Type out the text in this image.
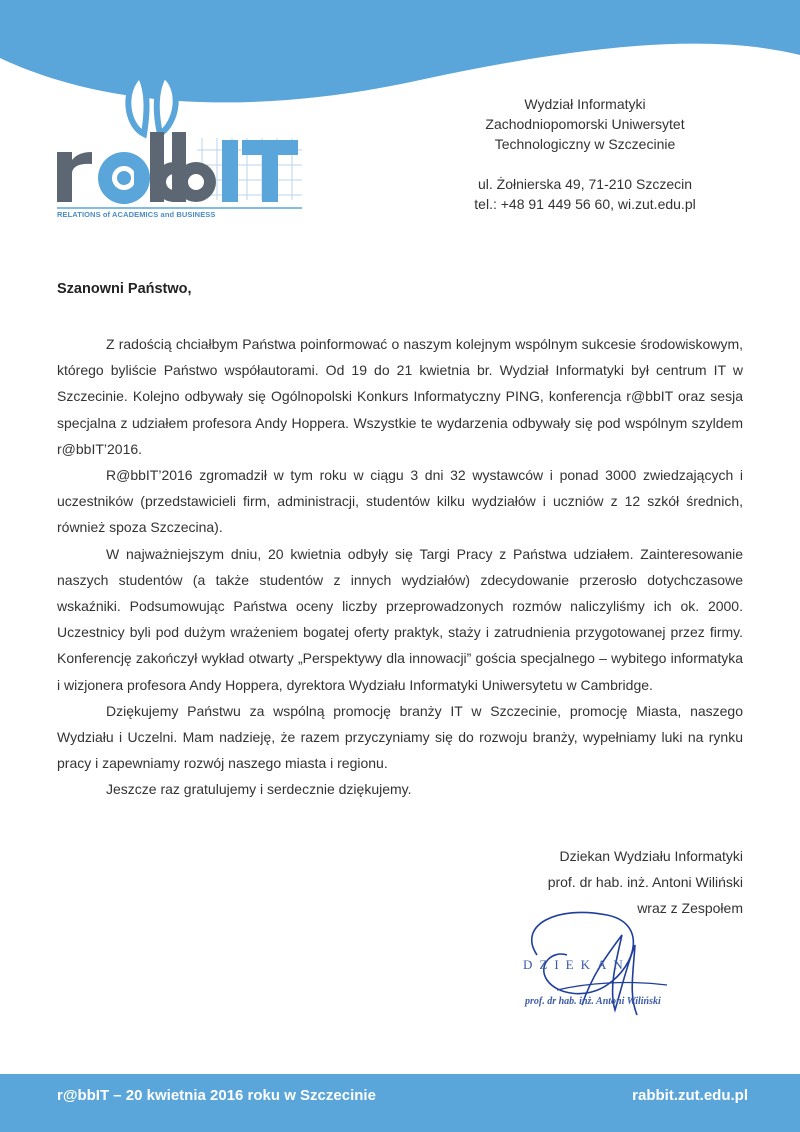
RELATIONS of ACADEMICS and BUSINESS
Wydział Informatyki
Zachodniopomorski Uniwersytet
Technologiczny w Szczecinie
ul. Żołnierska 49, 71-210 Szczecin
tel.: +48 91 449 56 60, wi.zut.edu.pl
Szanowni Państwo,

Z radością chciałbym Państwa poinformować o naszym kolejnym wspólnym sukcesie środowiskowym, którego byliście Państwo współautorami. Od 19 do 21 kwietnia br. Wydział Informatyki był centrum IT w Szczecinie. Kolejno odbywały się Ogólnopolski Konkurs Informatyczny PING, konferencja r@bbIT oraz sesja specjalna z udziałem profesora Andy Hoppera. Wszystkie te wydarzenia odbywały się pod wspólnym szyldem r@bbIT’2016.

R@bbIT’2016 zgromadził w tym roku w ciągu 3 dni 32 wystawców i ponad 3000 zwiedzających i uczestników (przedstawicieli firm, administracji, studentów kilku wydziałów i uczniów z 12 szkół średnich, również spoza Szczecina).

W najważniejszym dniu, 20 kwietnia odbyły się Targi Pracy z Państwa udziałem. Zainteresowanie naszych studentów (a także studentów z innych wydziałów) zdecydowanie przerosło dotychczasowe wskaźniki. Podsumowując Państwa oceny liczby przeprowadzonych rozmów naliczyliśmy ich ok. 2000. Uczestnicy byli pod dużym wrażeniem bogatej oferty praktyk, staży i zatrudnienia przygotowanej przez firmy. Konferencję zakończył wykład otwarty „Perspektywy dla innowacji” gościa specjalnego – wybitego informatyka i wizjonera profesora Andy Hoppera, dyrektora Wydziału Informatyki Uniwersytetu w Cambridge.

Dziękujemy Państwu za wspólną promocję branży IT w Szczecinie, promocję Miasta, naszego Wydziału i Uczelni. Mam nadzieję, że razem przyczyniamy się do rozwoju branży, wypełniamy luki na rynku pracy i zapewniamy rozwój naszego miasta i regionu.

Jeszcze raz gratulujemy i serdecznie dziękujemy.

Dziekan Wydziału Informatyki
prof. dr hab. inż. Antoni Wiliński
wraz z Zespołem
DZIEKAN
prof. dr hab. inż. Antoni Wiliński
r@bbIT – 20 kwietnia 2016 roku w Szczecinie	rabbit.zut.edu.pl
